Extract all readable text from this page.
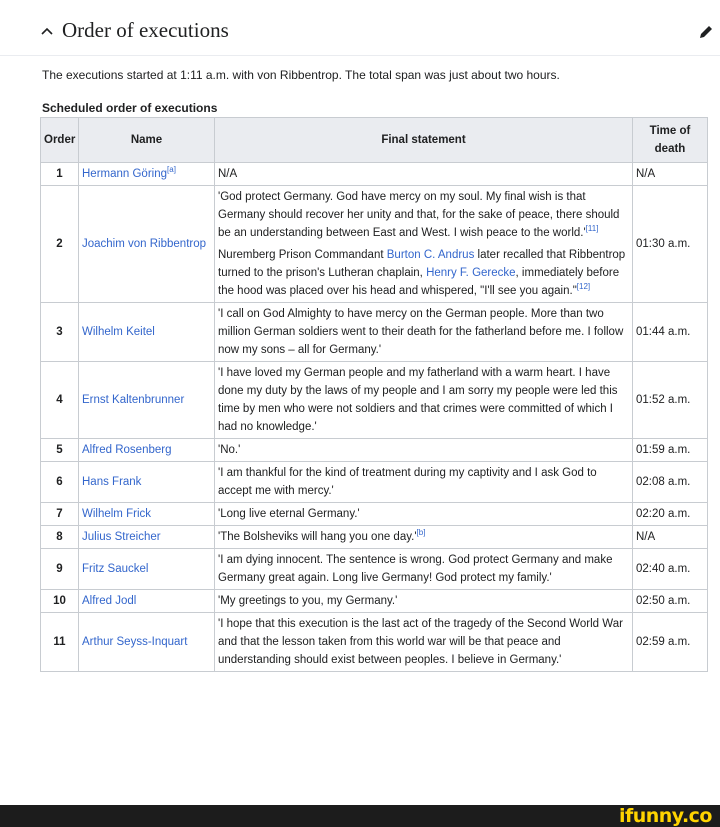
Order of executions
The executions started at 1:11 a.m. with von Ribbentrop. The total span was just about two hours.
Scheduled order of executions
Order	Name	Final statement	Time of death
1	Hermann Göring[a]	N/A	N/A
2	Joachim von Ribbentrop	'God protect Germany. God have mercy on my soul. My final wish is that Germany should recover her unity and that, for the sake of peace, there should be an understanding between East and West. I wish peace to the world.'[11]

Nuremberg Prison Commandant Burton C. Andrus later recalled that Ribbentrop turned to the prison's Lutheran chaplain, Henry F. Gerecke, immediately before the hood was placed over his head and whispered, "I'll see you again."[12]	01:30 a.m.
3	Wilhelm Keitel	'I call on God Almighty to have mercy on the German people. More than two million German soldiers went to their death for the fatherland before me. I follow now my sons – all for Germany.'	01:44 a.m.
4	Ernst Kaltenbrunner	'I have loved my German people and my fatherland with a warm heart. I have done my duty by the laws of my people and I am sorry my people were led this time by men who were not soldiers and that crimes were committed of which I had no knowledge.'	01:52 a.m.
5	Alfred Rosenberg	'No.'	01:59 a.m.
6	Hans Frank	'I am thankful for the kind of treatment during my captivity and I ask God to accept me with mercy.'	02:08 a.m.
7	Wilhelm Frick	'Long live eternal Germany.'	02:20 a.m.
8	Julius Streicher	'The Bolsheviks will hang you one day.'[b]	N/A
9	Fritz Sauckel	'I am dying innocent. The sentence is wrong. God protect Germany and make Germany great again. Long live Germany! God protect my family.'	02:40 a.m.
10	Alfred Jodl	'My greetings to you, my Germany.'	02:50 a.m.
11	Arthur Seyss-Inquart	'I hope that this execution is the last act of the tragedy of the Second World War and that the lesson taken from this world war will be that peace and understanding should exist between peoples. I believe in Germany.'	02:59 a.m.
ifunny.co
